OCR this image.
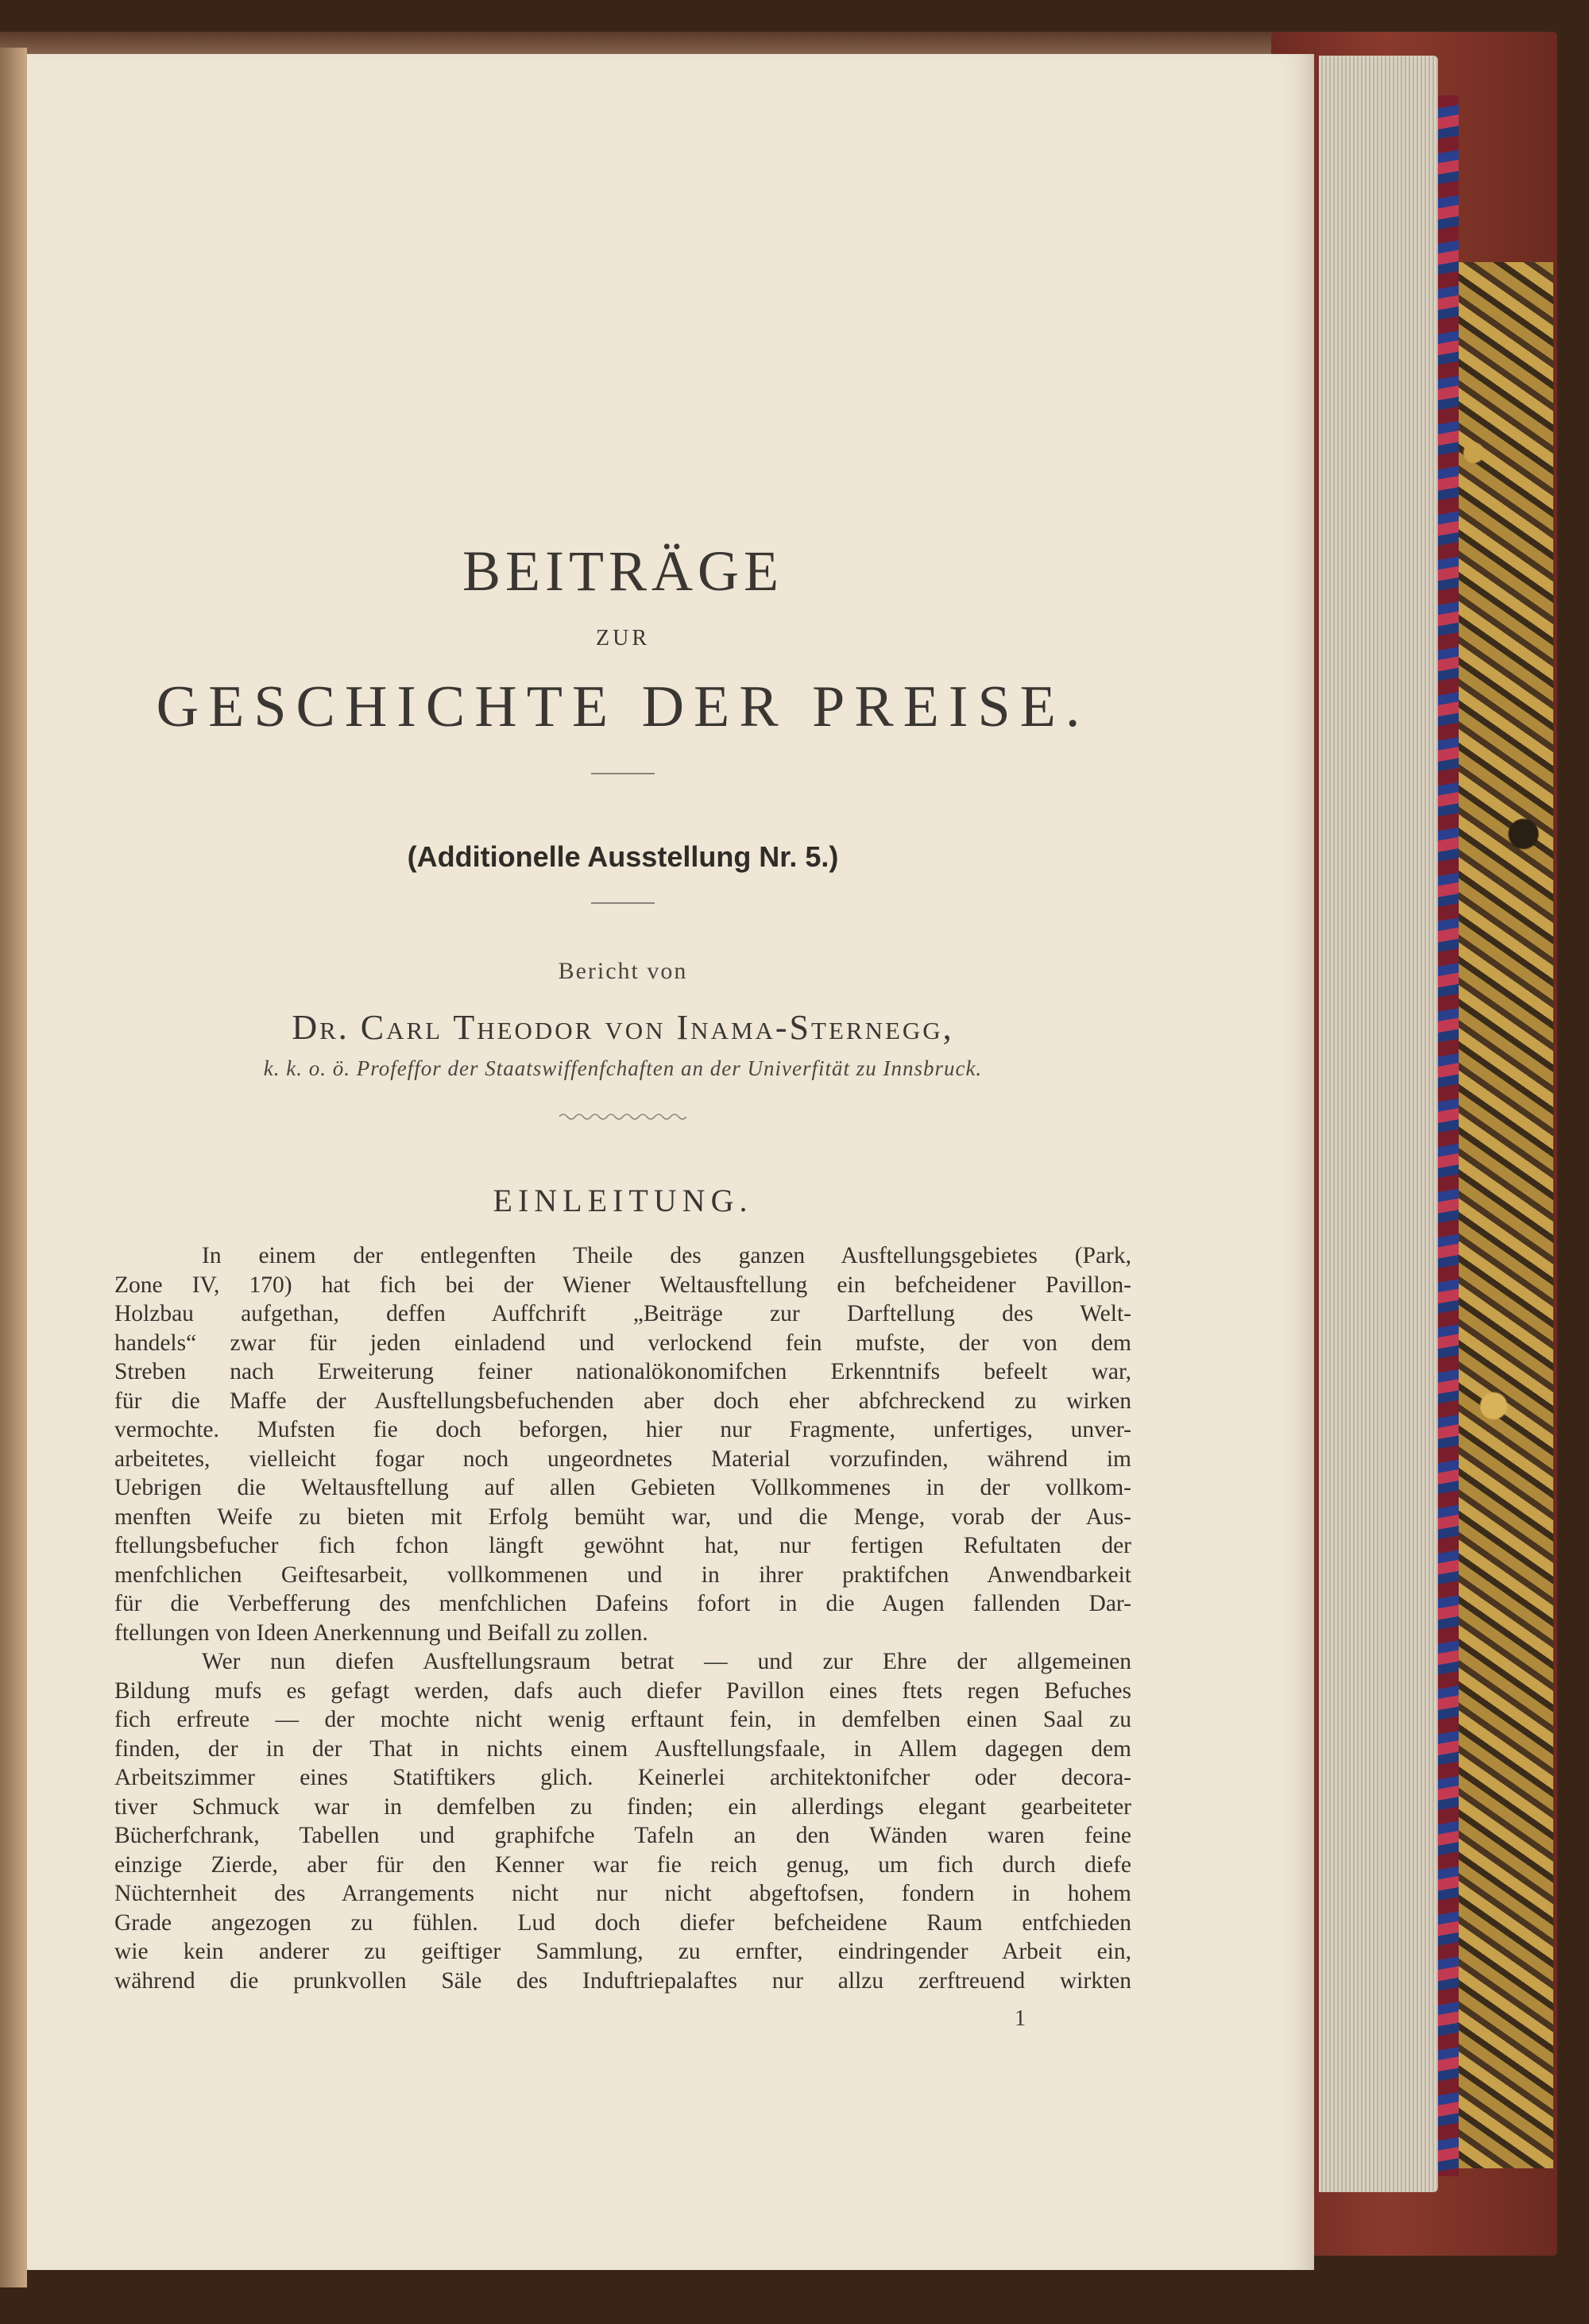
BEITRÄGE
ZUR
GESCHICHTE DER PREISE.
(Additionelle Ausstellung Nr. 5.)
Bericht von
Dr. Carl Theodor von Inama-Sternegg,
k. k. o. ö. Profeffor der Staatswiffenfchaften an der Univerfität zu Innsbruck.
EINLEITUNG.
In einem der entlegenften Theile des ganzen Ausftellungsgebietes (Park,
Zone IV, 170) hat fich bei der Wiener Weltausftellung ein befcheidener Pavillon-
Holzbau aufgethan, deffen Auffchrift „Beiträge zur Darftellung des Welt-
handels“ zwar für jeden einladend und verlockend fein mufste, der von dem
Streben nach Erweiterung feiner nationalökonomifchen Erkenntnifs befeelt war,
für die Maffe der Ausftellungsbefuchenden aber doch eher abfchreckend zu wirken
vermochte. Mufsten fie doch beforgen, hier nur Fragmente, unfertiges, unver-
arbeitetes, vielleicht fogar noch ungeordnetes Material vorzufinden, während im
Uebrigen die Weltausftellung auf allen Gebieten Vollkommenes in der vollkom-
menften Weife zu bieten mit Erfolg bemüht war, und die Menge, vorab der Aus-
ftellungsbefucher fich fchon längft gewöhnt hat, nur fertigen Refultaten der
menfchlichen Geiftesarbeit, vollkommenen und in ihrer praktifchen Anwendbarkeit
für die Verbefferung des menfchlichen Dafeins fofort in die Augen fallenden Dar-
ftellungen von Ideen Anerkennung und Beifall zu zollen.
Wer nun diefen Ausftellungsraum betrat — und zur Ehre der allgemeinen
Bildung mufs es gefagt werden, dafs auch diefer Pavillon eines ftets regen Befuches
fich erfreute — der mochte nicht wenig erftaunt fein, in demfelben einen Saal zu
finden, der in der That in nichts einem Ausftellungsfaale, in Allem dagegen dem
Arbeitszimmer eines Statiftikers glich. Keinerlei architektonifcher oder decora-
tiver Schmuck war in demfelben zu finden; ein allerdings elegant gearbeiteter
Bücherfchrank, Tabellen und graphifche Tafeln an den Wänden waren feine
einzige Zierde, aber für den Kenner war fie reich genug, um fich durch diefe
Nüchternheit des Arrangements nicht nur nicht abgeftofsen, fondern in hohem
Grade angezogen zu fühlen. Lud doch diefer befcheidene Raum entfchieden
wie kein anderer zu geiftiger Sammlung, zu ernfter, eindringender Arbeit ein,
während die prunkvollen Säle des Induftriepalaftes nur allzu zerftreuend wirkten
1
